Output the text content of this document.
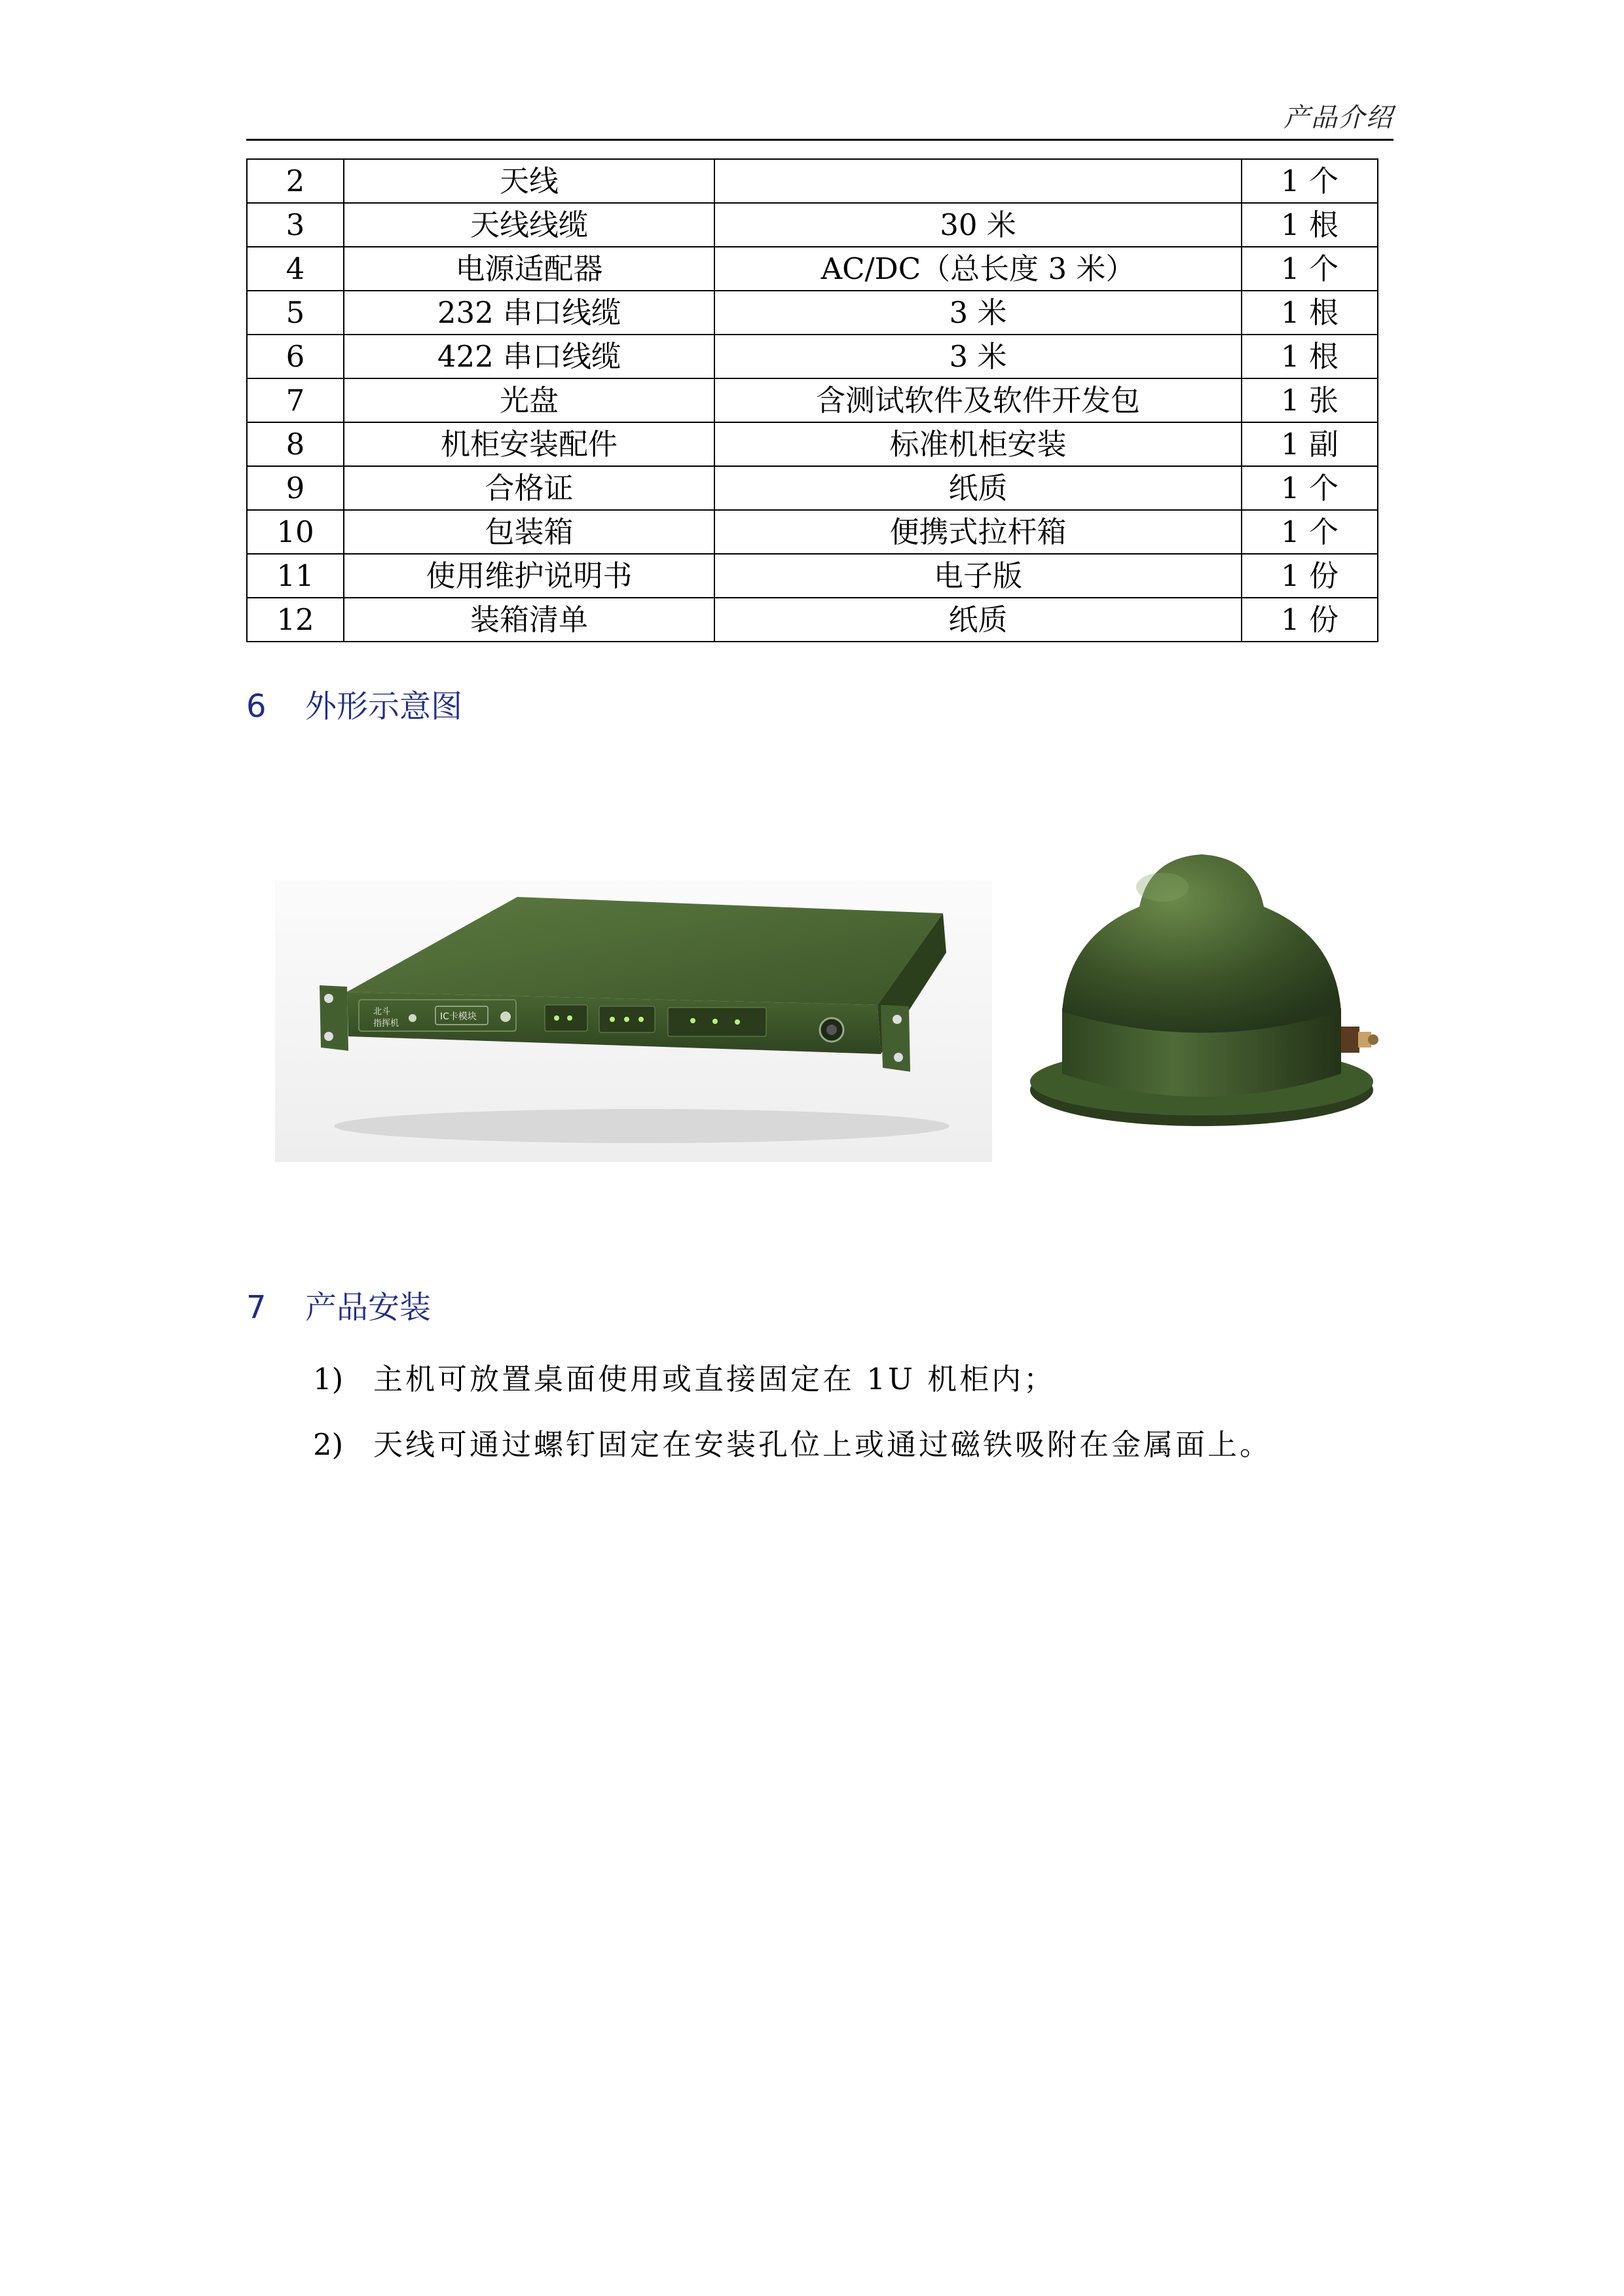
产品介绍
2	天线		1 个
3	天线线缆	30 米	1 根
4	电源适配器	AC/DC（总长度 3 米）	1 个
5	232 串口线缆	3 米	1 根
6	422 串口线缆	3 米	1 根
7	光盘	含测试软件及软件开发包	1 张
8	机柜安装配件	标准机柜安装	1 副
9	合格证	纸质	1 个
10	包装箱	便携式拉杆箱	1 个
11	使用维护说明书	电子版	1 份
12	装箱清单	纸质	1 份
6 外形示意图
北斗
指挥机
IC卡模块
7 产品安装
1) 主机可放置桌面使用或直接固定在 1U 机柜内；
2) 天线可通过螺钉固定在安装孔位上或通过磁铁吸附在金属面上。
